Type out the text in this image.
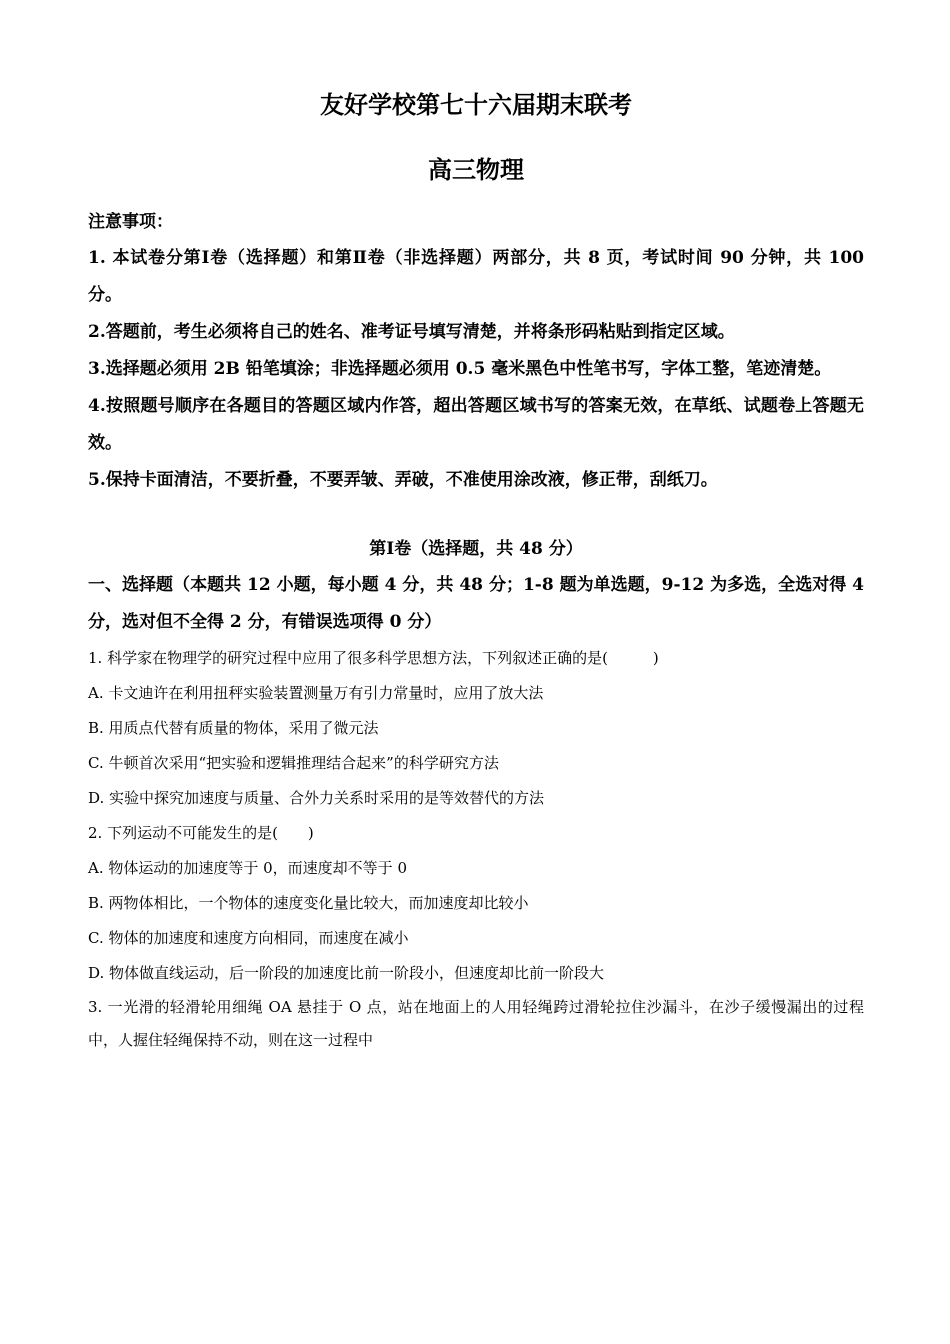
友好学校第七十六届期末联考
高三物理

注意事项：

1. 本试卷分第Ⅰ卷（选择题）和第Ⅱ卷（非选择题）两部分，共 8 页，考试时间 90 分钟，共 100 分。

2.答题前，考生必须将自己的姓名、准考证号填写清楚，并将条形码粘贴到指定区域。

3.选择题必须用 2B 铅笔填涂；非选择题必须用 0.5 毫米黑色中性笔书写，字体工整，笔迹清楚。

4.按照题号顺序在各题目的答题区域内作答，超出答题区域书写的答案无效，在草纸、试题卷上答题无效。

5.保持卡面清洁，不要折叠，不要弄皱、弄破，不准使用涂改液，修正带，刮纸刀。

第Ⅰ卷（选择题，共 48 分）

一、选择题（本题共 12 小题，每小题 4 分，共 48 分；1-8 题为单选题，9-12 为多选，全选对得 4 分，选对但不全得 2 分，有错误选项得 0 分）

1. 科学家在物理学的研究过程中应用了很多科学思想方法，下列叙述正确的是(　　　)

A. 卡文迪许在利用扭秤实验装置测量万有引力常量时，应用了放大法

B. 用质点代替有质量的物体，采用了微元法

C. 牛顿首次采用“把实验和逻辑推理结合起来”的科学研究方法

D. 实验中探究加速度与质量、合外力关系时采用的是等效替代的方法

2. 下列运动不可能发生的是(　　)

A. 物体运动的加速度等于 0，而速度却不等于 0

B. 两物体相比，一个物体的速度变化量比较大，而加速度却比较小

C. 物体的加速度和速度方向相同，而速度在减小

D. 物体做直线运动，后一阶段的加速度比前一阶段小，但速度却比前一阶段大

3. 一光滑的轻滑轮用细绳 OA 悬挂于 O 点，站在地面上的人用轻绳跨过滑轮拉住沙漏斗，在沙子缓慢漏出的过程中，人握住轻绳保持不动，则在这一过程中
